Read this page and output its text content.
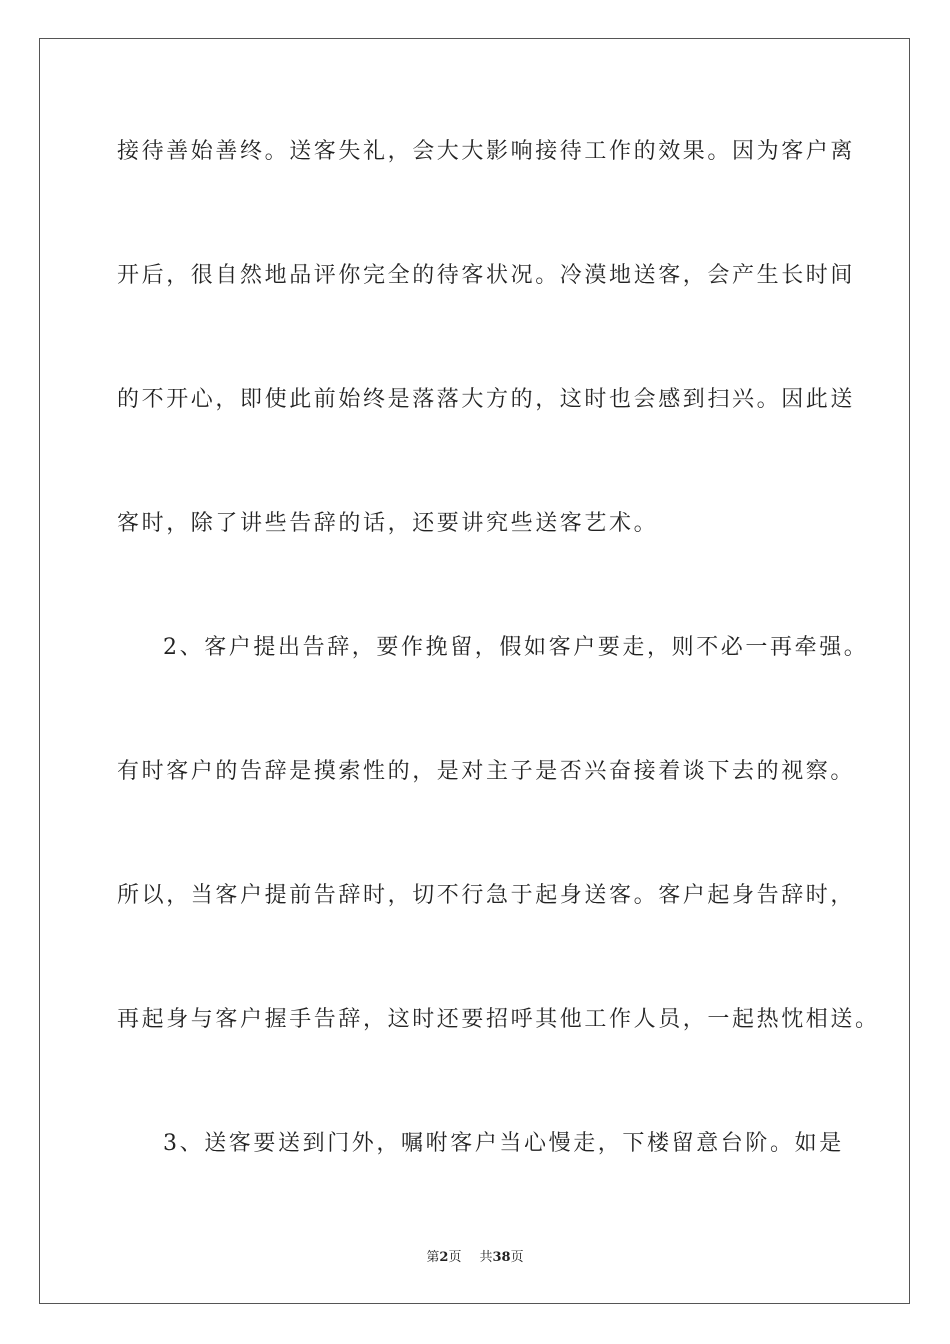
接待善始善终。送客失礼，会大大影响接待工作的效果。因为客户离
开后，很自然地品评你完全的待客状况。冷漠地送客，会产生长时间
的不开心，即使此前始终是落落大方的，这时也会感到扫兴。因此送
客时，除了讲些告辞的话，还要讲究些送客艺术。
2、客户提出告辞，要作挽留，假如客户要走，则不必一再牵强。
有时客户的告辞是摸索性的，是对主子是否兴奋接着谈下去的视察。
所以，当客户提前告辞时，切不行急于起身送客。客户起身告辞时，
再起身与客户握手告辞，这时还要招呼其他工作人员，一起热忱相送。
3、送客要送到门外，嘱咐客户当心慢走，下楼留意台阶。如是
第2页 共38页
